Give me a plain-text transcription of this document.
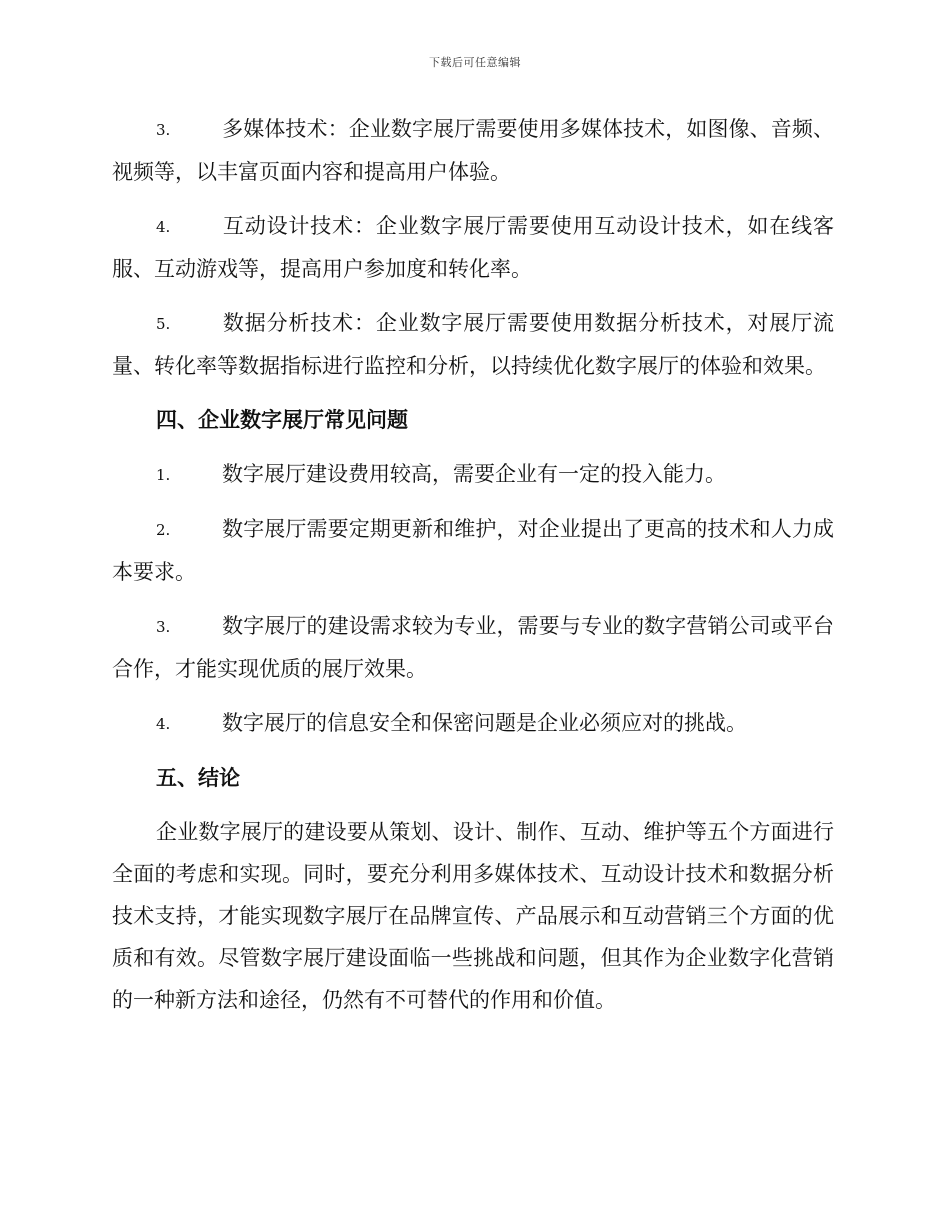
下载后可任意编辑

3. 多媒体技术：企业数字展厅需要使用多媒体技术，如图像、音频、视频等，以丰富页面内容和提高用户体验。

4. 互动设计技术：企业数字展厅需要使用互动设计技术，如在线客服、互动游戏等，提高用户参加度和转化率。

5. 数据分析技术：企业数字展厅需要使用数据分析技术，对展厅流量、转化率等数据指标进行监控和分析，以持续优化数字展厅的体验和效果。

四、企业数字展厅常见问题

1. 数字展厅建设费用较高，需要企业有一定的投入能力。

2. 数字展厅需要定期更新和维护，对企业提出了更高的技术和人力成本要求。

3. 数字展厅的建设需求较为专业，需要与专业的数字营销公司或平台合作，才能实现优质的展厅效果。

4. 数字展厅的信息安全和保密问题是企业必须应对的挑战。

五、结论

企业数字展厅的建设要从策划、设计、制作、互动、维护等五个方面进行全面的考虑和实现。同时，要充分利用多媒体技术、互动设计技术和数据分析技术支持，才能实现数字展厅在品牌宣传、产品展示和互动营销三个方面的优质和有效。尽管数字展厅建设面临一些挑战和问题，但其作为企业数字化营销的一种新方法和途径，仍然有不可替代的作用和价值。
